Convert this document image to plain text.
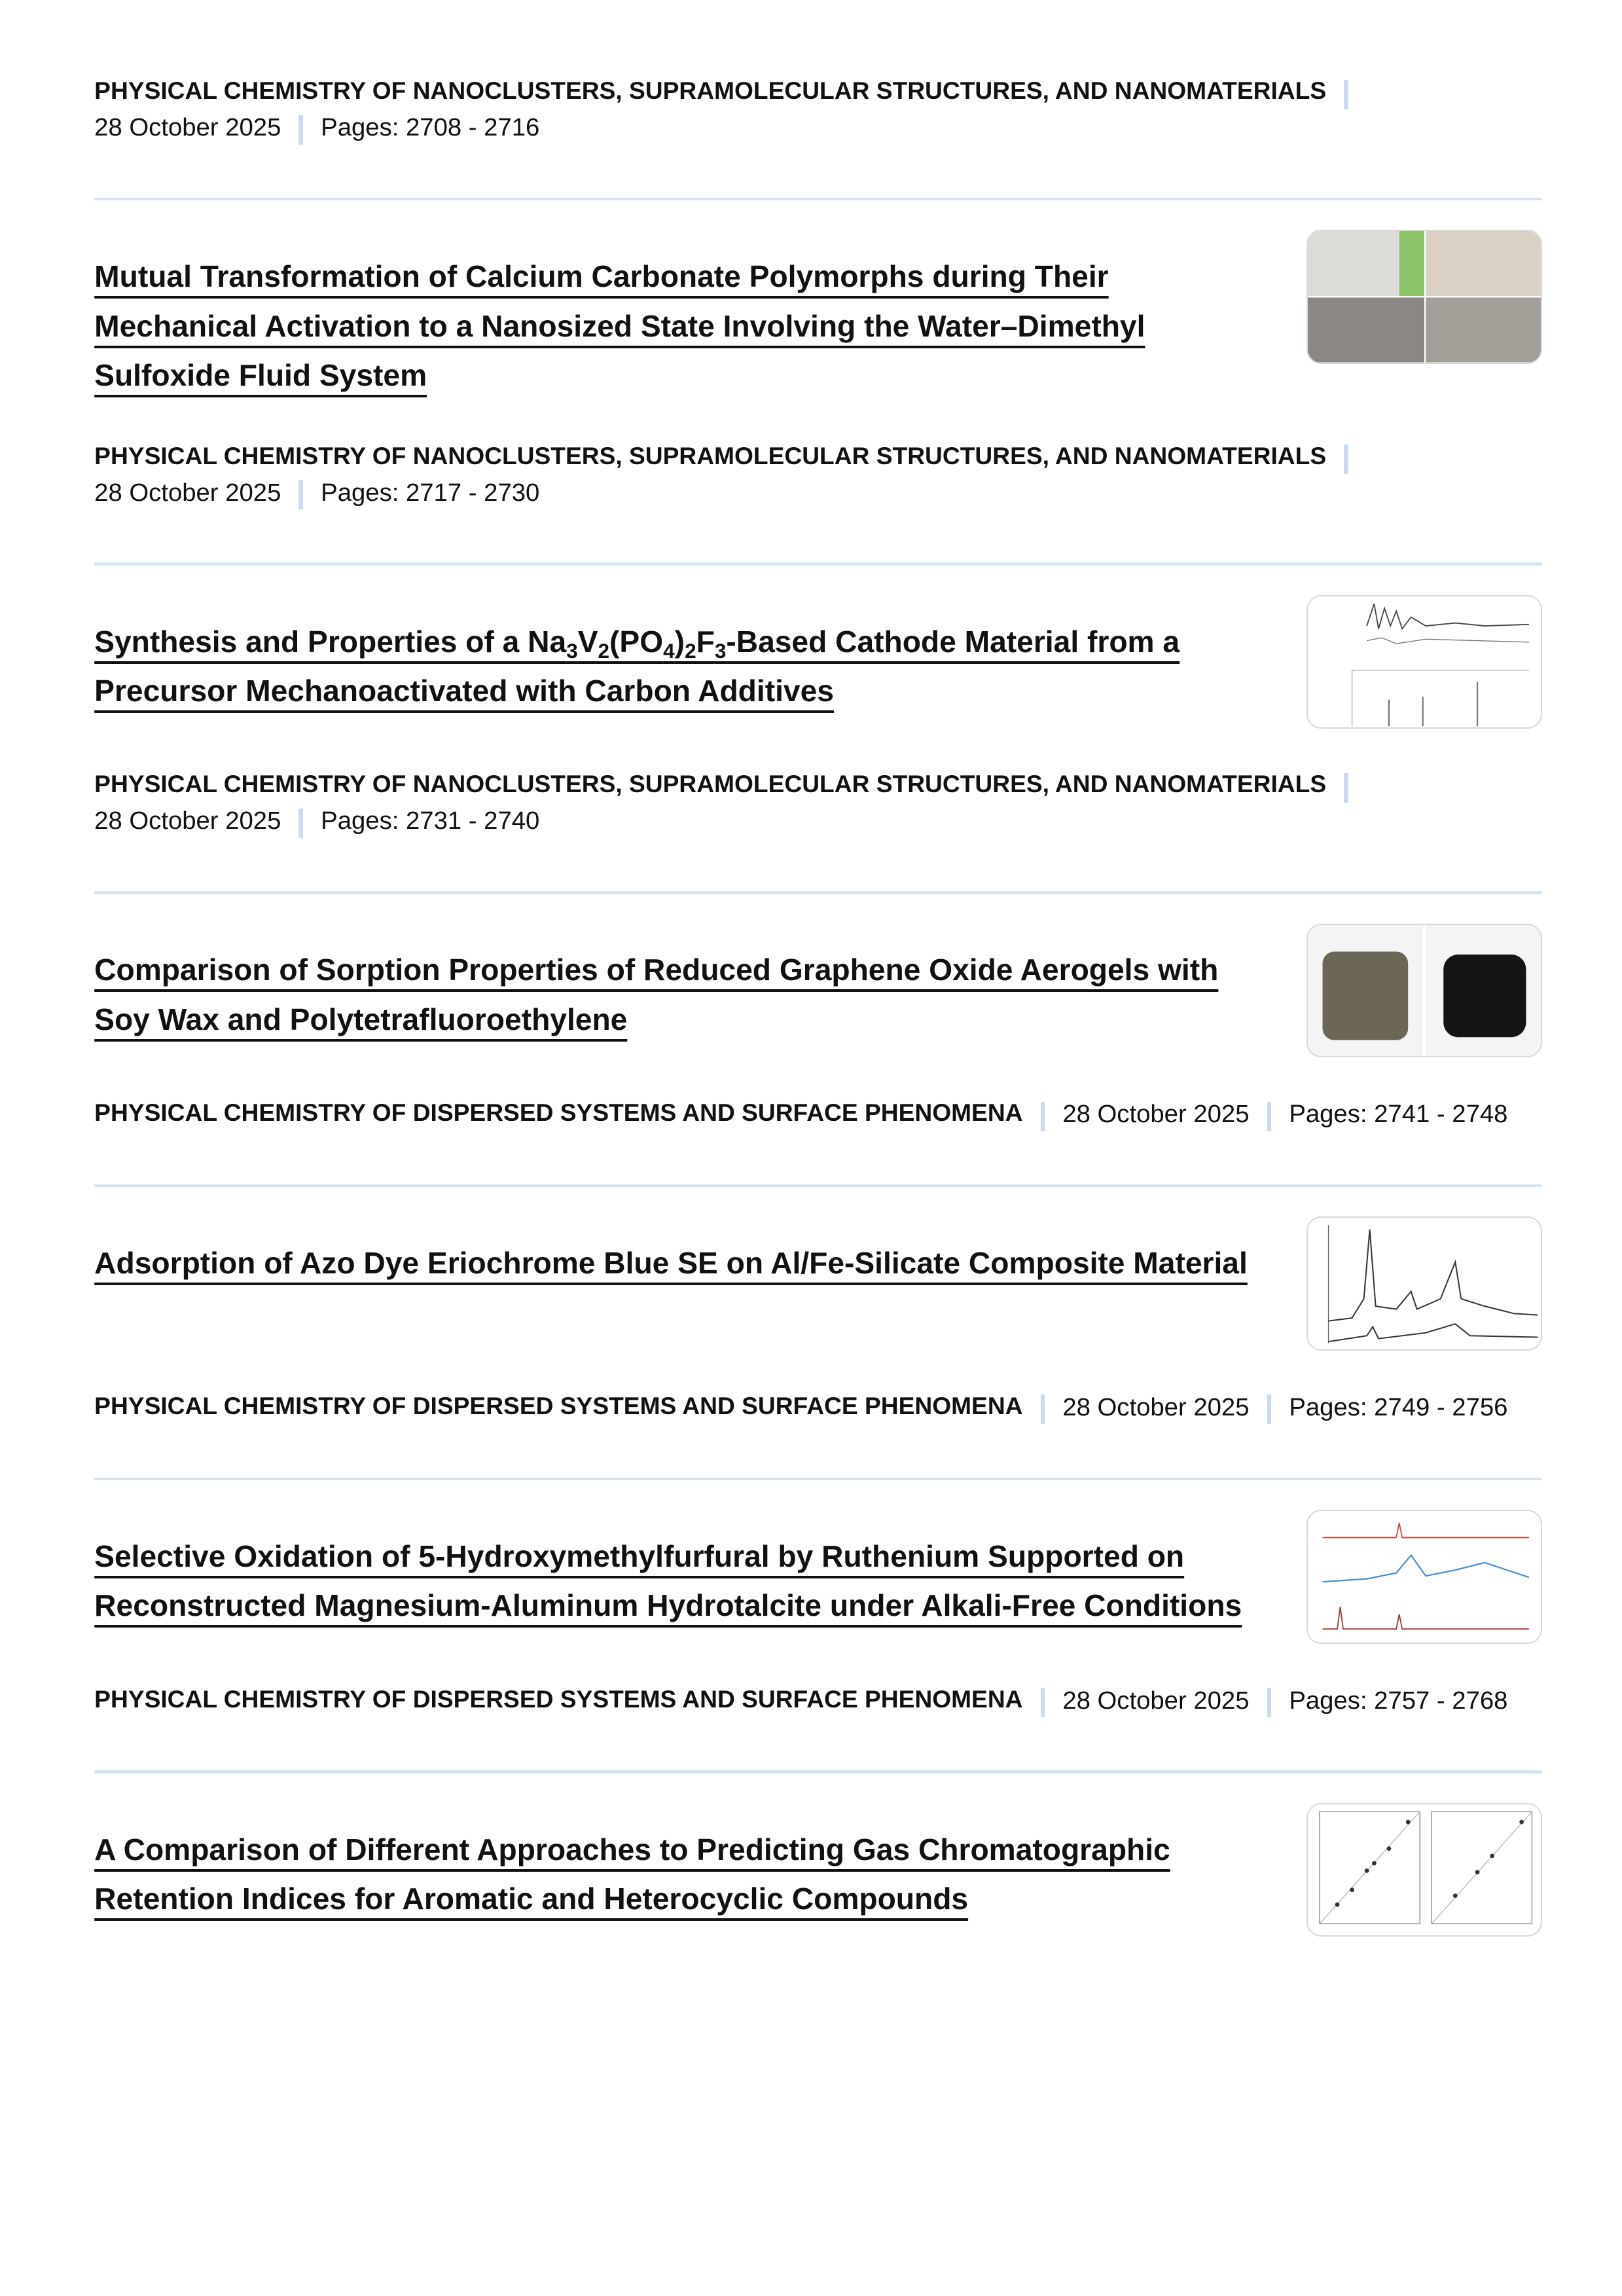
PHYSICAL CHEMISTRY OF NANOCLUSTERS, SUPRAMOLECULAR STRUCTURES, AND NANOMATERIALS
28 October 2025	Pages: 2708 - 2716
Mutual Transformation of Calcium Carbonate Polymorphs during Their Mechanical Activation to a Nanosized State Involving the Water–Dimethyl Sulfoxide Fluid System
PHYSICAL CHEMISTRY OF NANOCLUSTERS, SUPRAMOLECULAR STRUCTURES, AND NANOMATERIALS
28 October 2025	Pages: 2717 - 2730
Synthesis and Properties of a $Na_3V_2(PO_4)_2F_3$-Based Cathode Material from a Precursor Mechanoactivated with Carbon Additives
PHYSICAL CHEMISTRY OF NANOCLUSTERS, SUPRAMOLECULAR STRUCTURES, AND NANOMATERIALS
28 October 2025	Pages: 2731 - 2740
Comparison of Sorption Properties of Reduced Graphene Oxide Aerogels with Soy Wax and Polytetrafluoroethylene
PHYSICAL CHEMISTRY OF DISPERSED SYSTEMS AND SURFACE PHENOMENA	28 October 2025	Pages: 2741 - 2748
Adsorption of Azo Dye Eriochrome Blue SE on Al/Fe-Silicate Composite Material
PHYSICAL CHEMISTRY OF DISPERSED SYSTEMS AND SURFACE PHENOMENA	28 October 2025	Pages: 2749 - 2756
Selective Oxidation of 5-Hydroxymethylfurfural by Ruthenium Supported on Reconstructed Magnesium-Aluminum Hydrotalcite under Alkali-Free Conditions
PHYSICAL CHEMISTRY OF DISPERSED SYSTEMS AND SURFACE PHENOMENA	28 October 2025	Pages: 2757 - 2768
A Comparison of Different Approaches to Predicting Gas Chromatographic Retention Indices for Aromatic and Heterocyclic Compounds
